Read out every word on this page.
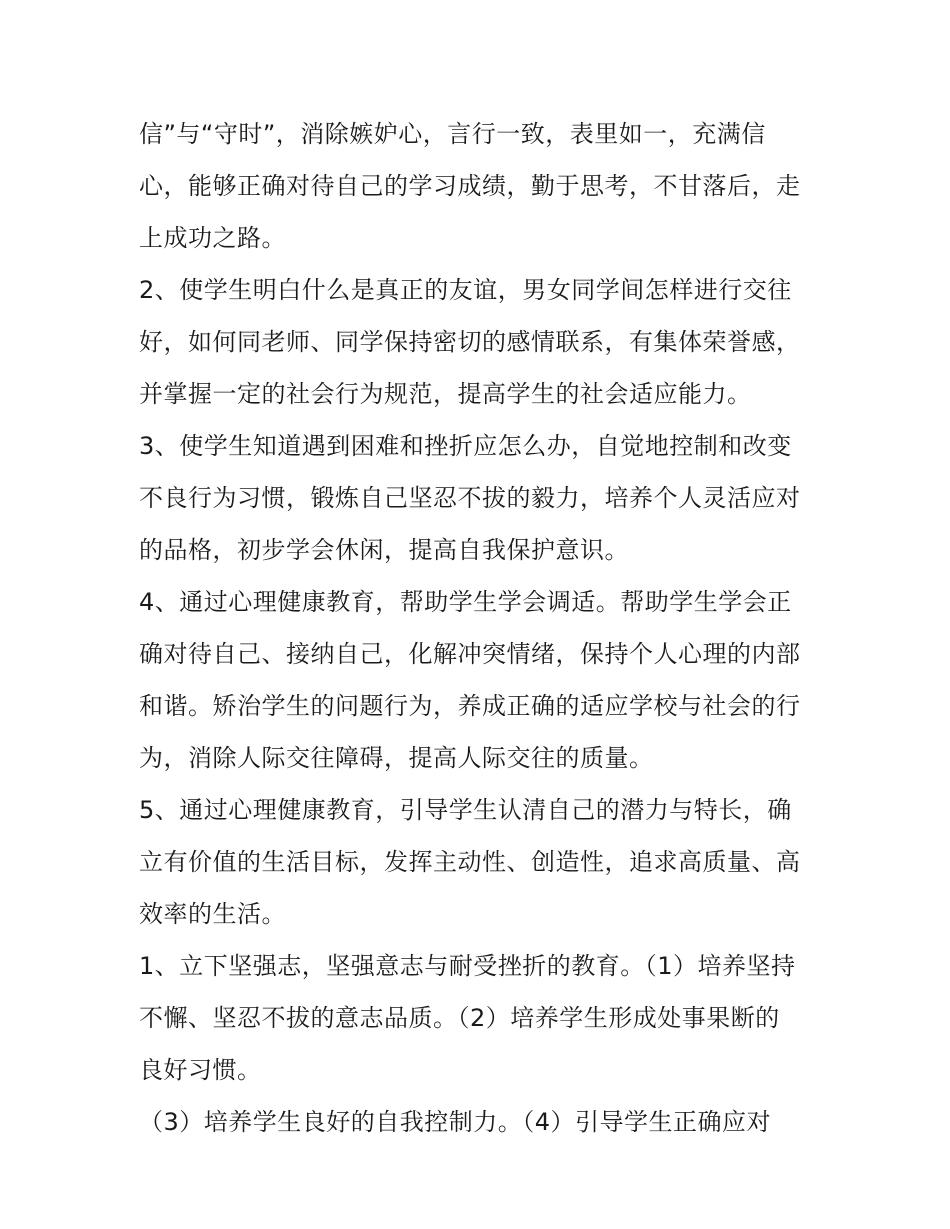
信”与“守时”，消除嫉妒心，言行一致，表里如一，充满信
心，能够正确对待自己的学习成绩，勤于思考，不甘落后，走
上成功之路。
2、使学生明白什么是真正的友谊，男女同学间怎样进行交往
好，如何同老师、同学保持密切的感情联系，有集体荣誉感，
并掌握一定的社会行为规范，提高学生的社会适应能力。
3、使学生知道遇到困难和挫折应怎么办，自觉地控制和改变
不良行为习惯，锻炼自己坚忍不拔的毅力，培养个人灵活应对
的品格，初步学会休闲，提高自我保护意识。
4、通过心理健康教育，帮助学生学会调适。帮助学生学会正
确对待自己、接纳自己，化解冲突情绪，保持个人心理的内部
和谐。矫治学生的问题行为，养成正确的适应学校与社会的行
为，消除人际交往障碍，提高人际交往的质量。
5、通过心理健康教育，引导学生认清自己的潜力与特长，确
立有价值的生活目标，发挥主动性、创造性，追求高质量、高
效率的生活。
1、立下坚强志，坚强意志与耐受挫折的教育。（1）培养坚持
不懈、坚忍不拔的意志品质。（2）培养学生形成处事果断的
良好习惯。
（3）培养学生良好的自我控制力。（4）引导学生正确应对
